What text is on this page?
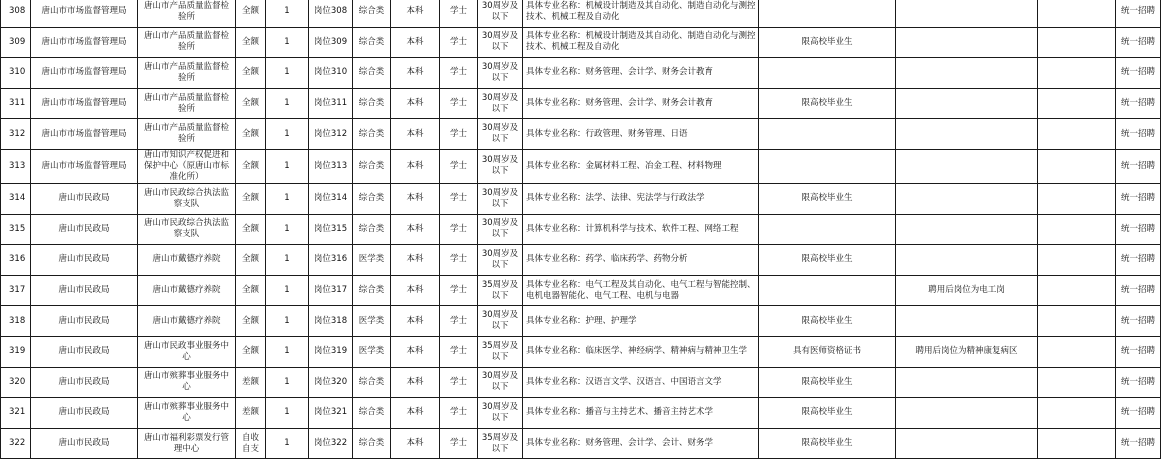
308	唐山市市场监督管理局	唐山市产品质量监督检验所	全额	1	岗位308	综合类	本科	学士	30周岁及以下	具体专业名称：机械设计制造及其自动化、制造自动化与测控技术、机械工程及自动化				统一招聘
309	唐山市市场监督管理局	唐山市产品质量监督检验所	全额	1	岗位309	综合类	本科	学士	30周岁及以下	具体专业名称：机械设计制造及其自动化、制造自动化与测控技术、机械工程及自动化	限高校毕业生			统一招聘
310	唐山市市场监督管理局	唐山市产品质量监督检验所	全额	1	岗位310	综合类	本科	学士	30周岁及以下	具体专业名称：财务管理、会计学、财务会计教育				统一招聘
311	唐山市市场监督管理局	唐山市产品质量监督检验所	全额	1	岗位311	综合类	本科	学士	30周岁及以下	具体专业名称：财务管理、会计学、财务会计教育	限高校毕业生			统一招聘
312	唐山市市场监督管理局	唐山市产品质量监督检验所	全额	1	岗位312	综合类	本科	学士	30周岁及以下	具体专业名称：行政管理、财务管理、日语				统一招聘
313	唐山市市场监督管理局	唐山市知识产权促进和保护中心（原唐山市标准化所）	全额	1	岗位313	综合类	本科	学士	30周岁及以下	具体专业名称：金属材料工程、冶金工程、材料物理				统一招聘
314	唐山市民政局	唐山市民政综合执法监察支队	全额	1	岗位314	综合类	本科	学士	30周岁及以下	具体专业名称：法学、法律、宪法学与行政法学	限高校毕业生			统一招聘
315	唐山市民政局	唐山市民政综合执法监察支队	全额	1	岗位315	综合类	本科	学士	30周岁及以下	具体专业名称：计算机科学与技术、软件工程、网络工程				统一招聘
316	唐山市民政局	唐山市戴德疗养院	全额	1	岗位316	医学类	本科	学士	30周岁及以下	具体专业名称：药学、临床药学、药物分析	限高校毕业生			统一招聘
317	唐山市民政局	唐山市戴德疗养院	全额	1	岗位317	综合类	本科	学士	35周岁及以下	具体专业名称：电气工程及其自动化、电气工程与智能控制、电机电器智能化、电气工程、电机与电器		聘用后岗位为电工岗		统一招聘
318	唐山市民政局	唐山市戴德疗养院	全额	1	岗位318	医学类	本科	学士	30周岁及以下	具体专业名称：护理、护理学	限高校毕业生			统一招聘
319	唐山市民政局	唐山市民政事业服务中心	全额	1	岗位319	医学类	本科	学士	35周岁及以下	具体专业名称：临床医学、神经病学、精神病与精神卫生学	具有医师资格证书	聘用后岗位为精神康复病区		统一招聘
320	唐山市民政局	唐山市殡葬事业服务中心	差额	1	岗位320	综合类	本科	学士	30周岁及以下	具体专业名称：汉语言文学、汉语言、中国语言文学	限高校毕业生			统一招聘
321	唐山市民政局	唐山市殡葬事业服务中心	差额	1	岗位321	综合类	本科	学士	30周岁及以下	具体专业名称：播音与主持艺术、播音主持艺术学	限高校毕业生			统一招聘
322	唐山市民政局	唐山市福利彩票发行管理中心	自收自支	1	岗位322	综合类	本科	学士	35周岁及以下	具体专业名称：财务管理、会计学、会计、财务学	限高校毕业生			统一招聘
